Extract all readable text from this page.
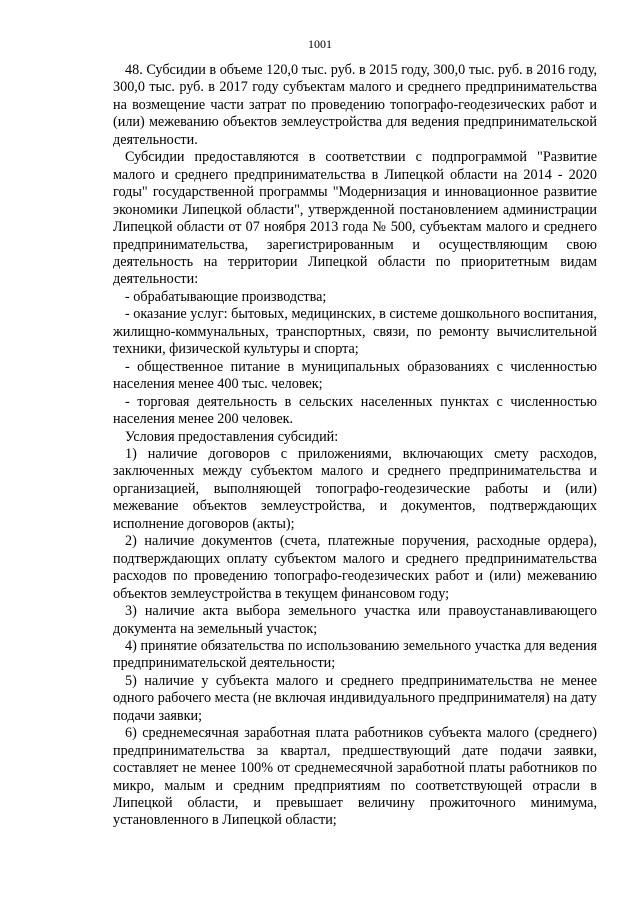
1001

48. Субсидии в объеме 120,0 тыс. руб. в 2015 году, 300,0 тыс. руб. в 2016 году, 300,0 тыс. руб. в 2017 году субъектам малого и среднего предпринимательства на возмещение части затрат по проведению топографо-геодезических работ и (или) межеванию объектов землеустройства для ведения предпринимательской деятельности.

Субсидии предоставляются в соответствии с подпрограммой "Развитие малого и среднего предпринимательства в Липецкой области на 2014 - 2020 годы" государственной программы "Модернизация и инновационное развитие экономики Липецкой области", утвержденной постановлением администрации Липецкой области от 07 ноября 2013 года № 500, субъектам малого и среднего предпринимательства, зарегистрированным и осуществляющим свою деятельность на территории Липецкой области по приоритетным видам деятельности:

- обрабатывающие производства;

- оказание услуг: бытовых, медицинских, в системе дошкольного воспитания, жилищно-коммунальных, транспортных, связи, по ремонту вычислительной техники, физической культуры и спорта;

- общественное питание в муниципальных образованиях с численностью населения менее 400 тыс. человек;

- торговая деятельность в сельских населенных пунктах с численностью населения менее 200 человек.

Условия предоставления субсидий:

1) наличие договоров с приложениями, включающих смету расходов, заключенных между субъектом малого и среднего предпринимательства и организацией, выполняющей топографо-геодезические работы и (или) межевание объектов землеустройства, и документов, подтверждающих исполнение договоров (акты);

2) наличие документов (счета, платежные поручения, расходные ордера), подтверждающих оплату субъектом малого и среднего предпринимательства расходов по проведению топографо-геодезических работ и (или) межеванию объектов землеустройства в текущем финансовом году;

3) наличие акта выбора земельного участка или правоустанавливающего документа на земельный участок;

4) принятие обязательства по использованию земельного участка для ведения предпринимательской деятельности;

5) наличие у субъекта малого и среднего предпринимательства не менее одного рабочего места (не включая индивидуального предпринимателя) на дату подачи заявки;

6) среднемесячная заработная плата работников субъекта малого (среднего) предпринимательства за квартал, предшествующий дате подачи заявки, составляет не менее 100% от среднемесячной заработной платы работников по микро, малым и средним предприятиям по соответствующей отрасли в Липецкой области, и превышает величину прожиточного минимума, установленного в Липецкой области;
